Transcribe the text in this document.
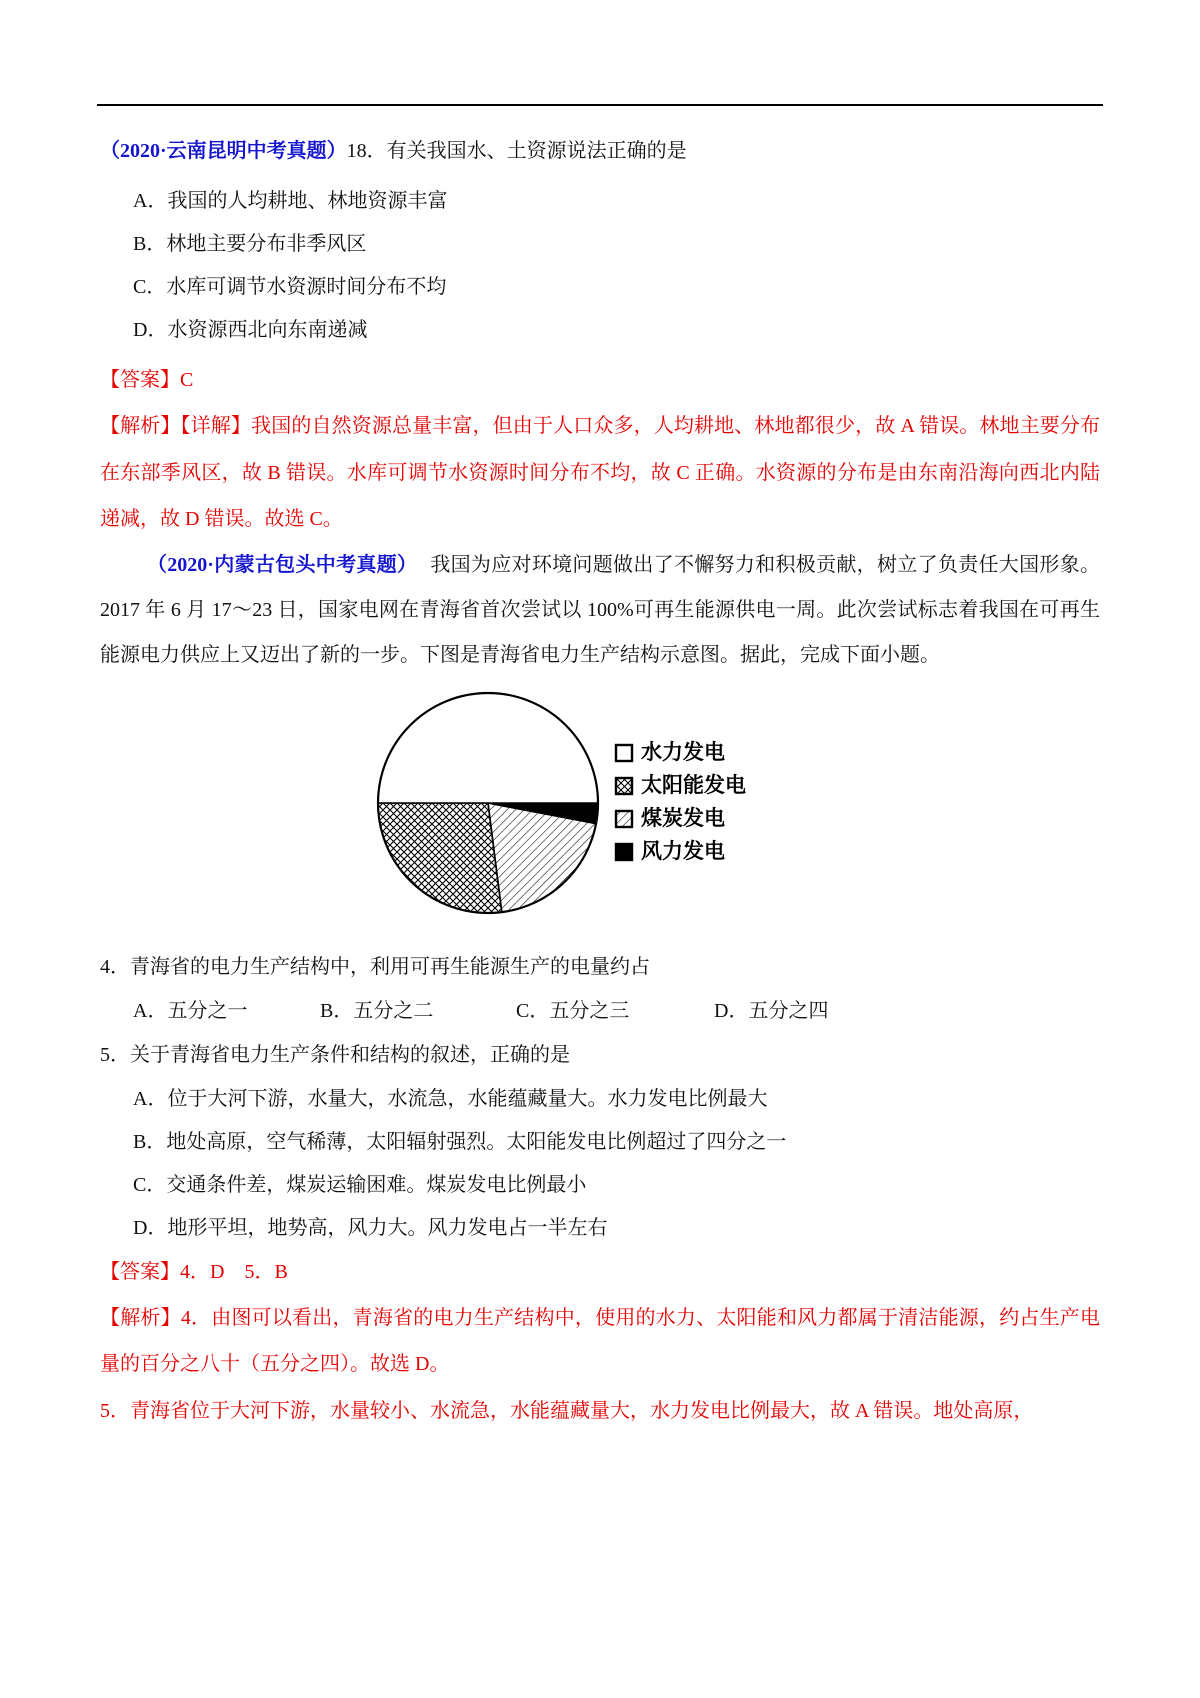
（2020·云南昆明中考真题）18．有关我国水、土资源说法正确的是

A．我国的人均耕地、林地资源丰富

B．林地主要分布非季风区

C．水库可调节水资源时间分布不均

D．水资源西北向东南递减

【答案】C

【解析】【详解】我国的自然资源总量丰富，但由于人口众多，人均耕地、林地都很少，故 A 错误。林地主要分布在东部季风区，故 B 错误。水库可调节水资源时间分布不均，故 C 正确。水资源的分布是由东南沿海向西北内陆递减，故 D 错误。故选 C。

（2020·内蒙古包头中考真题） 我国为应对环境问题做出了不懈努力和积极贡献，树立了负责任大国形象。2017 年 6 月 17～23 日，国家电网在青海省首次尝试以 100%可再生能源供电一周。此次尝试标志着我国在可再生能源电力供应上又迈出了新的一步。下图是青海省电力生产结构示意图。据此，完成下面小题。

水力发电
太阳能发电
煤炭发电
风力发电

4．青海省的电力生产结构中，利用可再生能源生产的电量约占

A．五分之一	B．五分之二	C．五分之三	D．五分之四

5．关于青海省电力生产条件和结构的叙述，正确的是

A．位于大河下游，水量大，水流急，水能蕴藏量大。水力发电比例最大

B．地处高原，空气稀薄，太阳辐射强烈。太阳能发电比例超过了四分之一

C．交通条件差，煤炭运输困难。煤炭发电比例最小

D．地形平坦，地势高，风力大。风力发电占一半左右

【答案】4．D　5．B

【解析】4．由图可以看出，青海省的电力生产结构中，使用的水力、太阳能和风力都属于清洁能源，约占生产电量的百分之八十（五分之四）。故选 D。

5．青海省位于大河下游，水量较小、水流急，水能蕴藏量大，水力发电比例最大，故 A 错误。地处高原，
